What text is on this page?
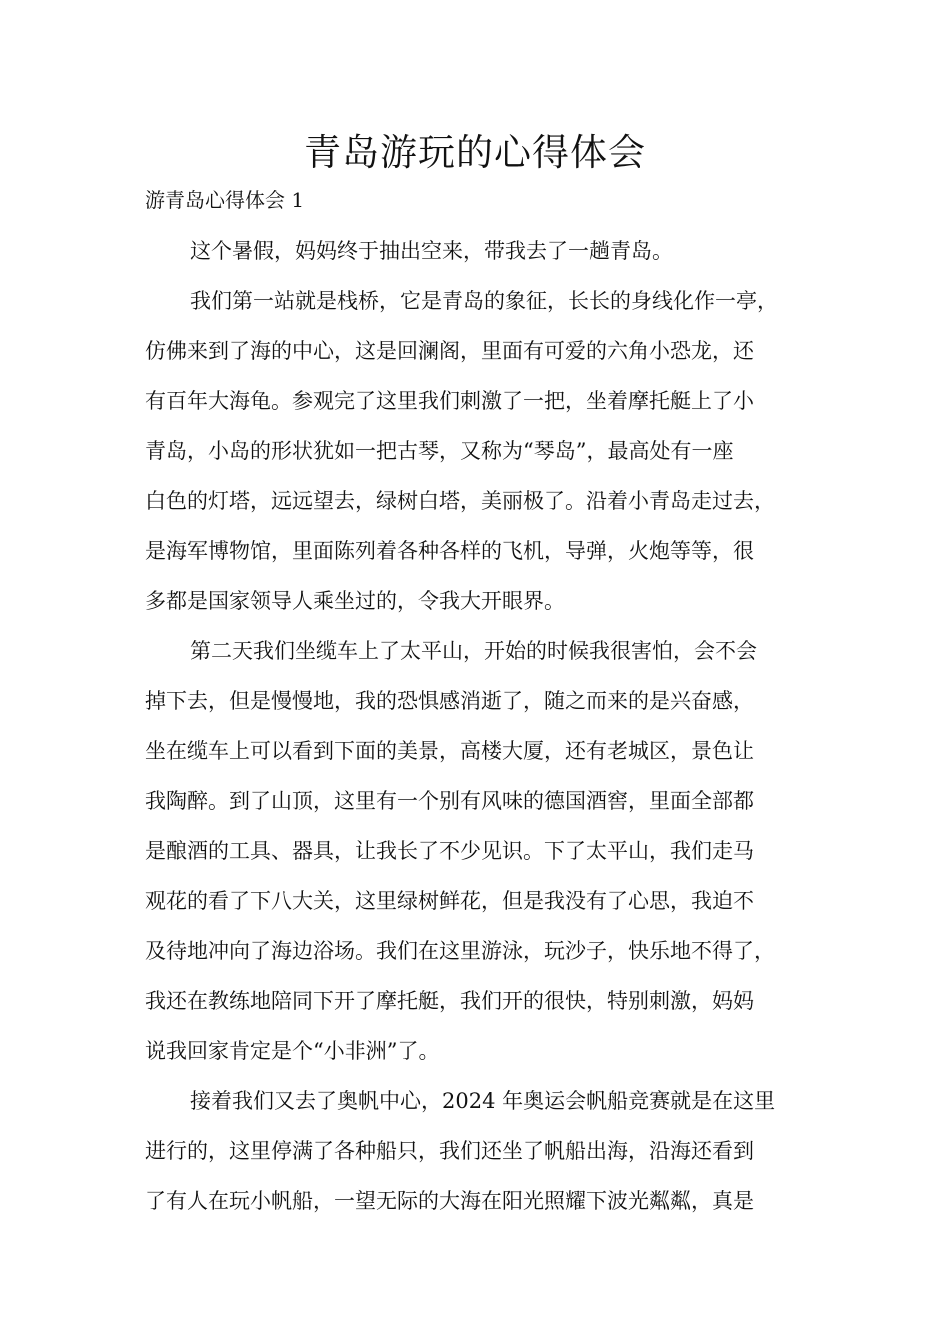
青岛游玩的心得体会
游青岛心得体会 1
这个暑假，妈妈终于抽出空来，带我去了一趟青岛。
我们第一站就是栈桥，它是青岛的象征，长长的身线化作一亭，
仿佛来到了海的中心，这是回澜阁，里面有可爱的六角小恐龙，还
有百年大海龟。参观完了这里我们刺激了一把，坐着摩托艇上了小
青岛，小岛的形状犹如一把古琴，又称为“琴岛”，最高处有一座
白色的灯塔，远远望去，绿树白塔，美丽极了。沿着小青岛走过去，
是海军博物馆，里面陈列着各种各样的飞机，导弹，火炮等等，很
多都是国家领导人乘坐过的，令我大开眼界。
第二天我们坐缆车上了太平山，开始的时候我很害怕，会不会
掉下去，但是慢慢地，我的恐惧感消逝了，随之而来的是兴奋感，
坐在缆车上可以看到下面的美景，高楼大厦，还有老城区，景色让
我陶醉。到了山顶，这里有一个别有风味的德国酒窖，里面全部都
是酿酒的工具、器具，让我长了不少见识。下了太平山，我们走马
观花的看了下八大关，这里绿树鲜花，但是我没有了心思，我迫不
及待地冲向了海边浴场。我们在这里游泳，玩沙子，快乐地不得了，
我还在教练地陪同下开了摩托艇，我们开的很快，特别刺激，妈妈
说我回家肯定是个“小非洲”了。
接着我们又去了奥帆中心，2024 年奥运会帆船竞赛就是在这里
进行的，这里停满了各种船只，我们还坐了帆船出海，沿海还看到
了有人在玩小帆船，一望无际的大海在阳光照耀下波光粼粼，真是
